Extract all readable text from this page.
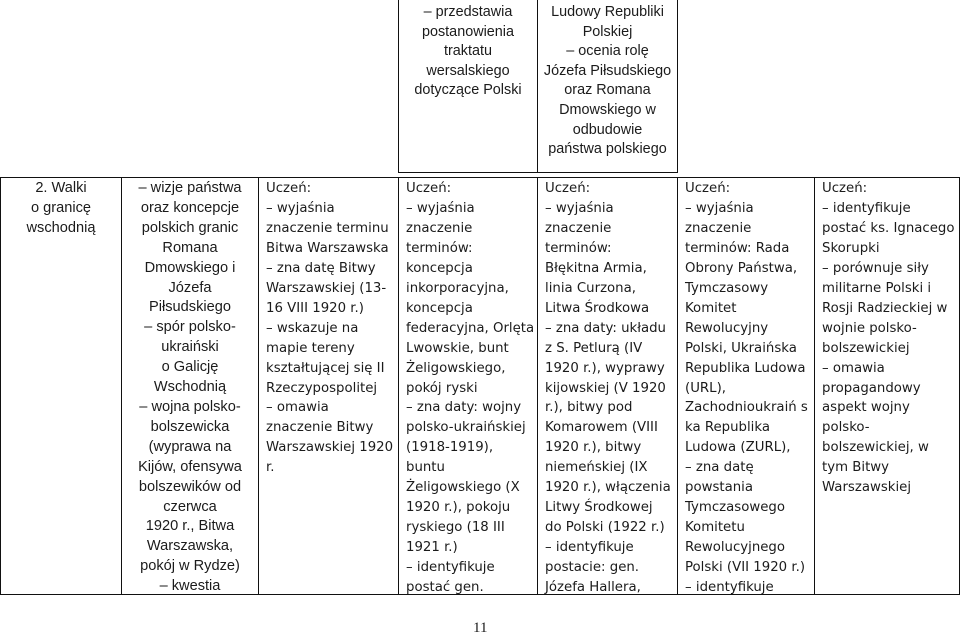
– przedstawia
postanowienia
traktatu
wersalskiego
dotyczące Polski
Ludowy Republiki
Polskiej
– ocenia rolę
Józefa Piłsudskiego
oraz Romana
Dmowskiego w
odbudowie
państwa polskiego
2. Walki
o granicę
wschodnią
– wizje państwa
oraz koncepcje
polskich granic
Romana
Dmowskiego i
Józefa
Piłsudskiego
– spór polsko-
ukraiński
o Galicję
Wschodnią
– wojna polsko-
bolszewicka
(wyprawa na
Kijów, ofensywa
bolszewików od
czerwca
1920 r., Bitwa
Warszawska,
pokój w Rydze)
– kwestia
Uczeń:
– wyjaśnia
znaczenie terminu
Bitwa Warszawska
– zna datę Bitwy
Warszawskiej (13-
16 VIII 1920 r.)
– wskazuje na
mapie tereny
kształtującej się II
Rzeczypospolitej
– omawia
znaczenie Bitwy
Warszawskiej 1920
r.
Uczeń:
– wyjaśnia
znaczenie
terminów:
koncepcja
inkorporacyjna,
koncepcja
federacyjna, Orlęta
Lwowskie, bunt
Żeligowskiego,
pokój ryski
– zna daty: wojny
polsko-ukraińskiej
(1918-1919),
buntu
Żeligowskiego (X
1920 r.), pokoju
ryskiego (18 III
1921 r.)
– identyfikuje
postać gen.
Uczeń:
– wyjaśnia
znaczenie
terminów:
Błękitna Armia,
linia Curzona,
Litwa Środkowa
– zna daty: układu
z S. Petlurą (IV
1920 r.), wyprawy
kijowskiej (V 1920
r.), bitwy pod
Komarowem (VIII
1920 r.), bitwy
niemeńskiej (IX
1920 r.), włączenia
Litwy Środkowej
do Polski (1922 r.)
– identyfikuje
postacie: gen.
Józefa Hallera,
Uczeń:
– wyjaśnia
znaczenie
terminów: Rada
Obrony Państwa,
Tymczasowy
Komitet
Rewolucyjny
Polski, Ukraińska
Republika Ludowa
(URL),
Zachodnioukraiń s
ka Republika
Ludowa (ZURL),
– zna datę
powstania
Tymczasowego
Komitetu
Rewolucyjnego
Polski (VII 1920 r.)
– identyfikuje
Uczeń:
– identyfikuje
postać ks. Ignacego
Skorupki
– porównuje siły
militarne Polski i
Rosji Radzieckiej w
wojnie polsko-
bolszewickiej
– omawia
propagandowy
aspekt wojny
polsko-
bolszewickiej, w
tym Bitwy
Warszawskiej
11
